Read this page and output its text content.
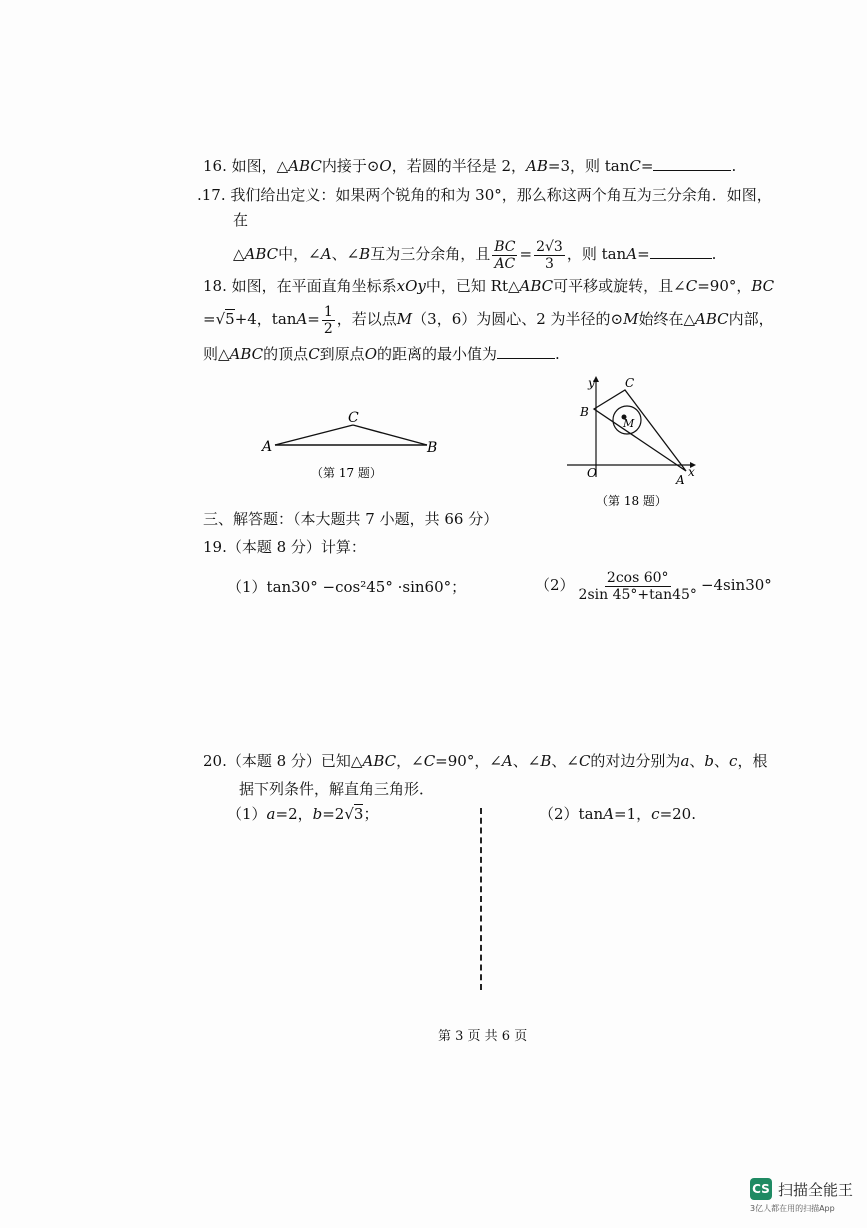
16. 如图，△ABC内接于⊙O，若圆的半径是 2，AB=3，则 tanC=	.
.17. 我们给出定义：如果两个锐角的和为 30°，那么称这两个角互为三分余角．如图，
在
△ABC中，∠A、∠B互为三分余角，且 $\frac{BC}{AC} = \frac{2√3}{3}$ ，则 tanA=	.
18. 如图，在平面直角坐标系xOy中，已知 Rt△ABC可平移或旋转，且∠C=90°，BC
=√5+4，$\tan A= \frac{1}{2}$ ，若以点M（3，6）为圆心、2 为半径的⊙M始终在△ABC内部，
则△ABC的顶点C到原点O的距离的最小值为	.
A	B
C
（第 17 题）
y
x
O	A
B
C
M
（第 18 题）
三、解答题：（本大题共 7 小题，共 66 分）
19.（本题 8 分）计算：
（1）tan30° −cos²45° ·sin60°；	$(2) \frac{2\cos 60^\circ}{2\sin 45^\circ+\tan 45^\circ} -4\sin 30^\circ$
20.（本题 8 分）已知△ABC，∠C=90°，∠A、∠B、∠C的对边分别为a、b、c，根
据下列条件，解直角三角形．
（1）a=2，b=2√3；	（2）tanA=1，c=20.
第 3 页 共 6 页
CS 扫描全能王
3亿人都在用的扫描App
